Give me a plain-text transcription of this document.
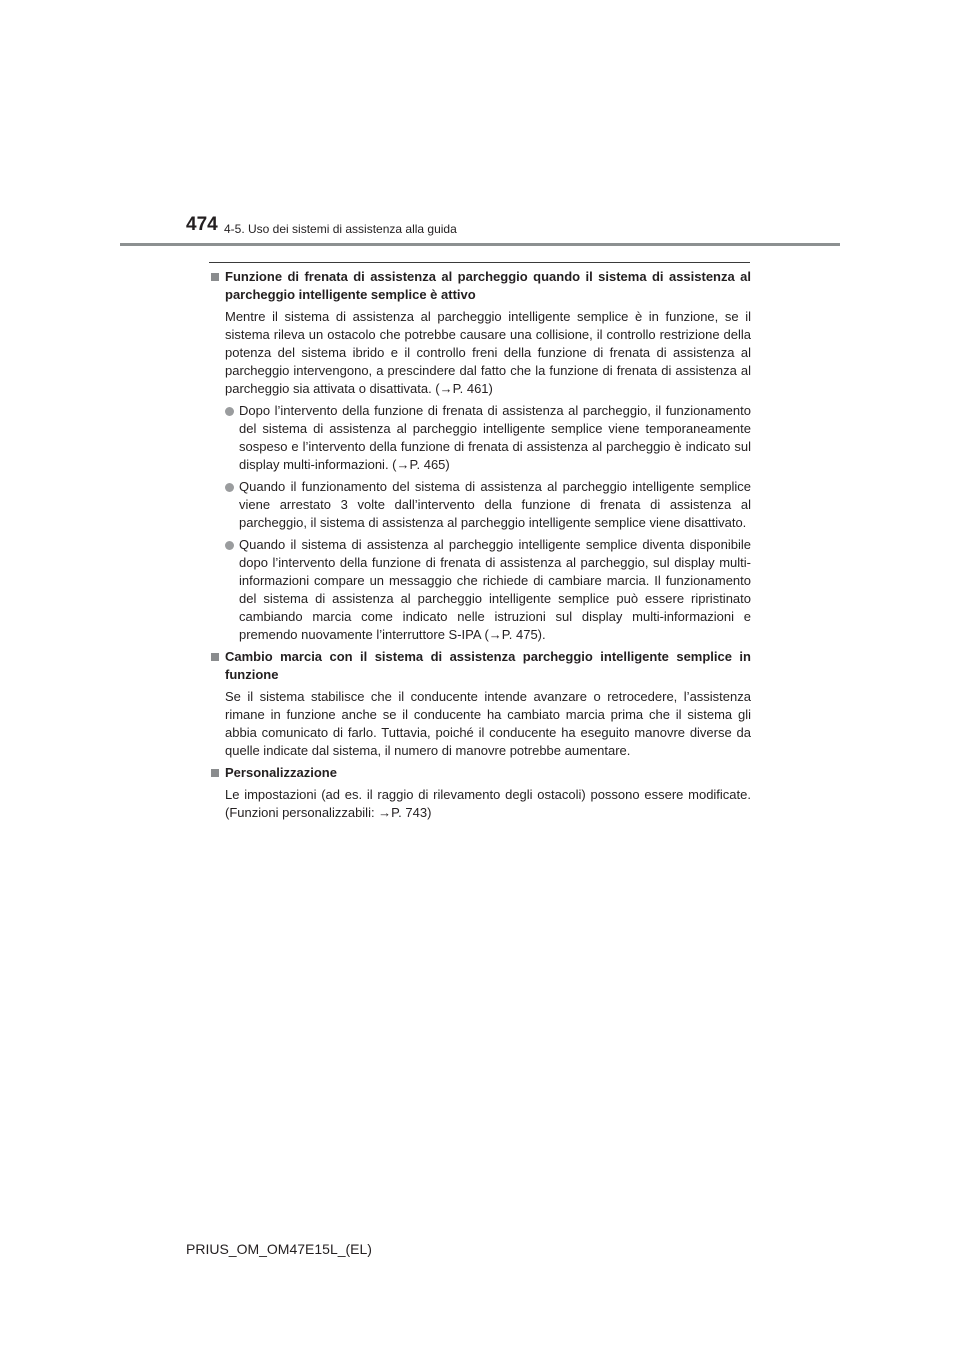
474 4-5. Uso dei sistemi di assistenza alla guida
Funzione di frenata di assistenza al parcheggio quando il sistema di assistenza al parcheggio intelligente semplice è attivo
Mentre il sistema di assistenza al parcheggio intelligente semplice è in funzione, se il sistema rileva un ostacolo che potrebbe causare una collisione, il controllo restrizione della potenza del sistema ibrido e il controllo freni della funzione di frenata di assistenza al parcheggio intervengono, a prescindere dal fatto che la funzione di frenata di assistenza al parcheggio sia attivata o disattivata. (→P. 461)
Dopo l’intervento della funzione di frenata di assistenza al parcheggio, il funzionamento del sistema di assistenza al parcheggio intelligente semplice viene temporaneamente sospeso e l’intervento della funzione di frenata di assistenza al parcheggio è indicato sul display multi-informazioni. (→P. 465)
Quando il funzionamento del sistema di assistenza al parcheggio intelligente semplice viene arrestato 3 volte dall’intervento della funzione di frenata di assistenza al parcheggio, il sistema di assistenza al parcheggio intelligente semplice viene disattivato.
Quando il sistema di assistenza al parcheggio intelligente semplice diventa disponibile dopo l’intervento della funzione di frenata di assistenza al parcheggio, sul display multi-informazioni compare un messaggio che richiede di cambiare marcia. Il funzionamento del sistema di assistenza al parcheggio intelligente semplice può essere ripristinato cambiando marcia come indicato nelle istruzioni sul display multi-informazioni e premendo nuovamente l’interruttore S-IPA (→P. 475).
Cambio marcia con il sistema di assistenza parcheggio intelligente semplice in funzione
Se il sistema stabilisce che il conducente intende avanzare o retrocedere, l’assistenza rimane in funzione anche se il conducente ha cambiato marcia prima che il sistema gli abbia comunicato di farlo. Tuttavia, poiché il conducente ha eseguito manovre diverse da quelle indicate dal sistema, il numero di manovre potrebbe aumentare.
Personalizzazione
Le impostazioni (ad es. il raggio di rilevamento degli ostacoli) possono essere modificate. (Funzioni personalizzabili: →P. 743)
PRIUS_OM_OM47E15L_(EL)
